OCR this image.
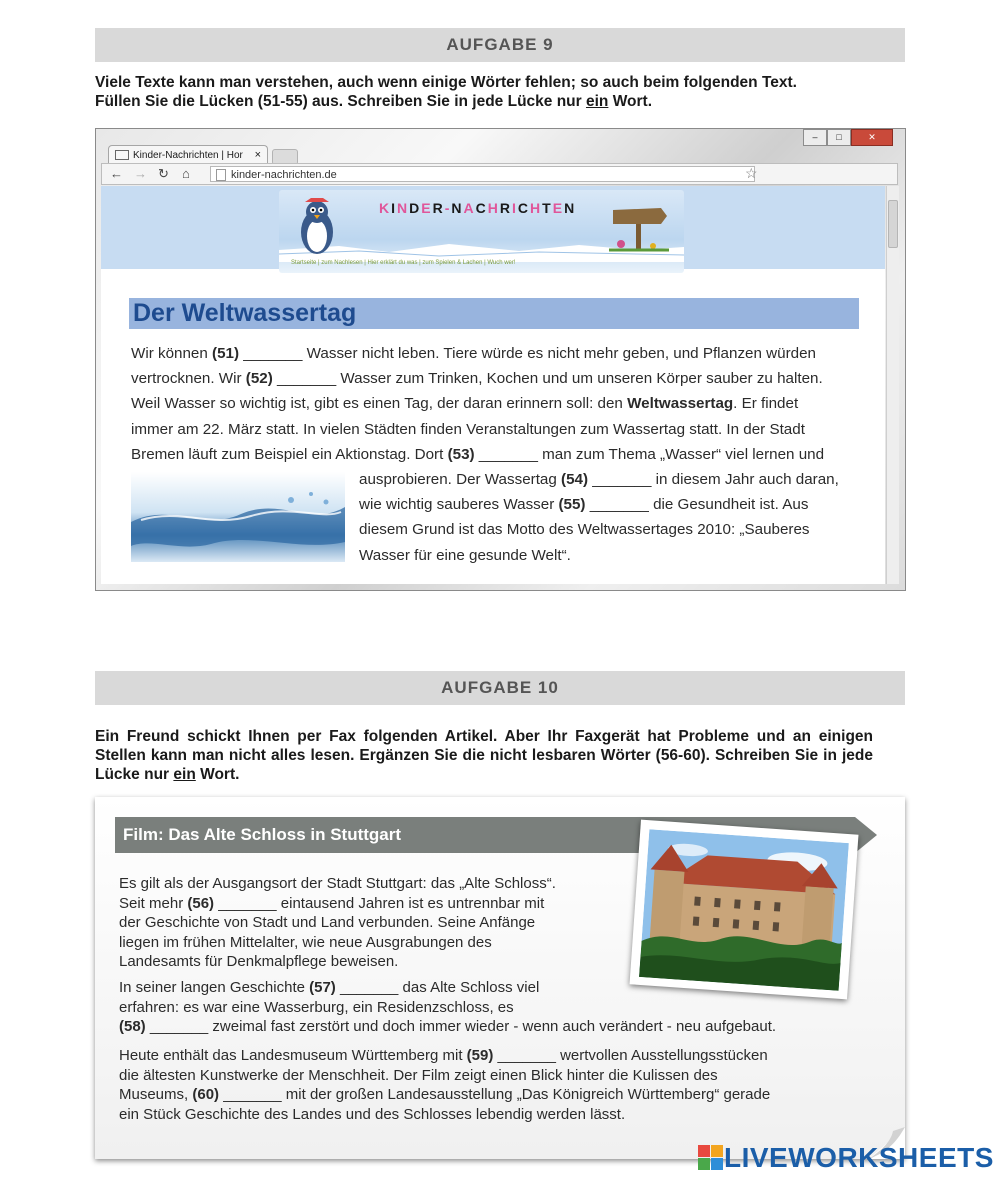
AUFGABE 9
Viele Texte kann man verstehen, auch wenn einige Wörter fehlen; so auch beim folgenden Text.
Füllen Sie die Lücken (51-55) aus. Schreiben Sie in jede Lücke nur ein Wort.
–	□	✕
Kinder-Nachrichten | Hor ×
← → ↻ ⌂	kinder-nachrichten.de	☆
KINDER-NACHRICHTEN
Startseite | zum Nachlesen | Hier erklärt du was | zum Spielen & Lachen | Wuch wer!
Der Weltwassertag
Wir können (51) _______ Wasser nicht leben. Tiere würde es nicht mehr geben, und Pflanzen würden
vertrocknen. Wir (52) _______ Wasser zum Trinken, Kochen und um unseren Körper sauber zu halten.
Weil Wasser so wichtig ist, gibt es einen Tag, der daran erinnern soll: den Weltwassertag. Er findet
immer am 22. März statt. In vielen Städten finden Veranstaltungen zum Wassertag statt. In der Stadt
Bremen läuft zum Beispiel ein Aktionstag. Dort (53) _______ man zum Thema „Wasser“ viel lernen und
ausprobieren. Der Wassertag (54) _______ in diesem Jahr auch daran,
wie wichtig sauberes Wasser (55) _______ die Gesundheit ist. Aus
diesem Grund ist das Motto des Weltwassertages 2010: „Sauberes
Wasser für eine gesunde Welt“.
AUFGABE 10
Ein Freund schickt Ihnen per Fax folgenden Artikel. Aber Ihr Faxgerät hat Probleme und an einigen Stellen kann man nicht alles lesen. Ergänzen Sie die nicht lesbaren Wörter (56-60). Schreiben Sie in jede Lücke nur ein Wort.
Film: Das Alte Schloss in Stuttgart
Es gilt als der Ausgangsort der Stadt Stuttgart: das „Alte Schloss“.
Seit mehr (56) _______ eintausend Jahren ist es untrennbar mit
der Geschichte von Stadt und Land verbunden. Seine Anfänge
liegen im frühen Mittelalter, wie neue Ausgrabungen des
Landesamts für Denkmalpflege beweisen.
In seiner langen Geschichte (57) _______ das Alte Schloss viel
erfahren: es war eine Wasserburg, ein Residenzschloss, es
(58) _______ zweimal fast zerstört und doch immer wieder - wenn auch verändert - neu aufgebaut.
Heute enthält das Landesmuseum Württemberg mit (59) _______ wertvollen Ausstellungsstücken
die ältesten Kunstwerke der Menschheit. Der Film zeigt einen Blick hinter die Kulissen des
Museums, (60) _______ mit der großen Landesausstellung „Das Königreich Württemberg“ gerade
ein Stück Geschichte des Landes und des Schlosses lebendig werden lässt.
LIVEWORKSHEETS
